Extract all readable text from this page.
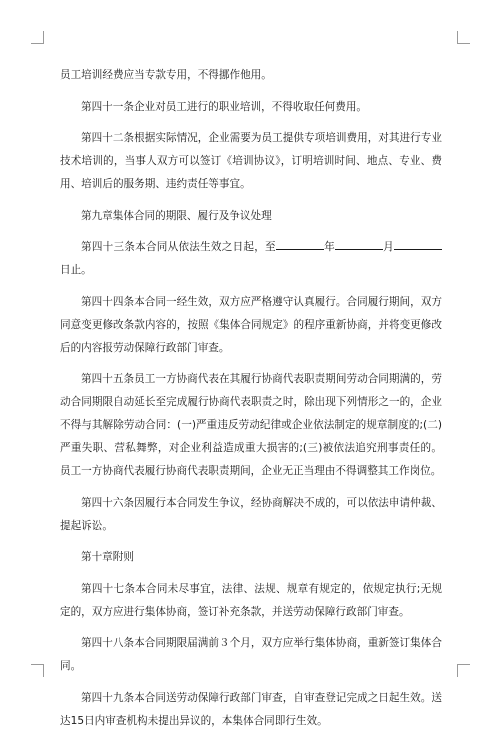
员工培训经费应当专款专用，不得挪作他用。

第四十一条企业对员工进行的职业培训，不得收取任何费用。

第四十二条根据实际情况，企业需要为员工提供专项培训费用，对其进行专业技术培训的，当事人双方可以签订《培训协议》，订明培训时间、地点、专业、费用、培训后的服务期、违约责任等事宜。

第九章集体合同的期限、履行及争议处理

第四十三条本合同从依法生效之日起，至	年	月日止。

第四十四条本合同一经生效，双方应严格遵守认真履行。合同履行期间，双方同意变更修改条款内容的，按照《集体合同规定》的程序重新协商，并将变更修改后的内容报劳动保障行政部门审查。

第四十五条员工一方协商代表在其履行协商代表职责期间劳动合同期满的，劳动合同期限自动延长至完成履行协商代表职责之时，除出现下列情形之一的，企业不得与其解除劳动合同：(一)严重违反劳动纪律或企业依法制定的规章制度的;(二)严重失职、营私舞弊，对企业利益造成重大损害的;(三)被依法追究刑事责任的。员工一方协商代表履行协商代表职责期间，企业无正当理由不得调整其工作岗位。

第四十六条因履行本合同发生争议，经协商解决不成的，可以依法申请仲裁、提起诉讼。

第十章附则

第四十七条本合同未尽事宜，法律、法规、规章有规定的，依规定执行;无规定的，双方应进行集体协商，签订补充条款，并送劳动保障行政部门审查。

第四十八条本合同期限届满前３个月，双方应举行集体协商，重新签订集体合同。

第四十九条本合同送劳动保障行政部门审查，自审查登记完成之日起生效。送达15日内审查机构未提出异议的，本集体合同即行生效。
